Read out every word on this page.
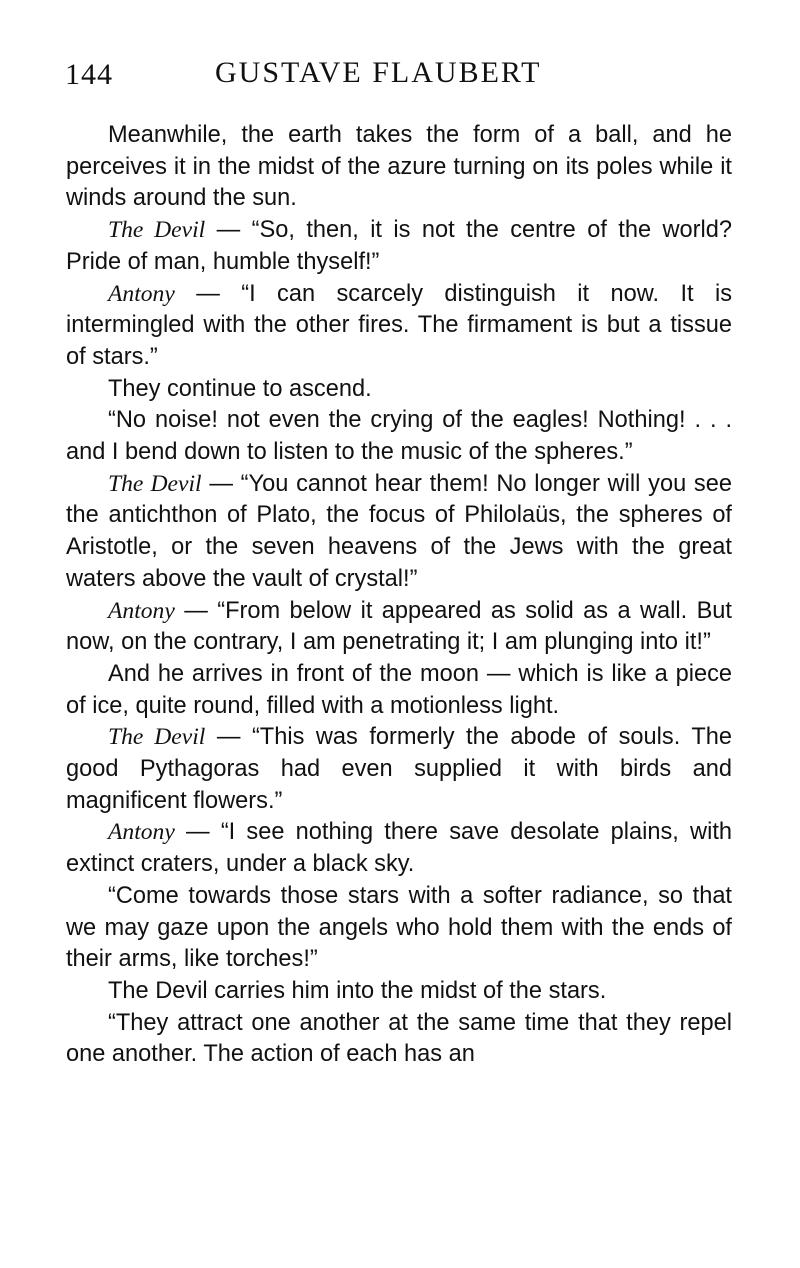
144	GUSTAVE FLAUBERT

Meanwhile, the earth takes the form of a ball, and he perceives it in the midst of the azure turning on its poles while it winds around the sun.

The Devil — “So, then, it is not the centre of the world? Pride of man, humble thyself!”

Antony — “I can scarcely distinguish it now. It is intermingled with the other fires. The firmament is but a tissue of stars.”

They continue to ascend.

“No noise! not even the crying of the eagles! Nothing! . . . and I bend down to listen to the music of the spheres.”

The Devil — “You cannot hear them! No longer will you see the antichthon of Plato, the focus of Philolaüs, the spheres of Aristotle, or the seven heavens of the Jews with the great waters above the vault of crystal!”

Antony — “From below it appeared as solid as a wall. But now, on the contrary, I am penetrating it; I am plunging into it!”

And he arrives in front of the moon — which is like a piece of ice, quite round, filled with a motionless light.

The Devil — “This was formerly the abode of souls. The good Pythagoras had even supplied it with birds and magnificent flowers.”

Antony — “I see nothing there save desolate plains, with extinct craters, under a black sky.

“Come towards those stars with a softer radiance, so that we may gaze upon the angels who hold them with the ends of their arms, like torches!”

The Devil carries him into the midst of the stars.

“They attract one another at the same time that they repel one another. The action of each has an
